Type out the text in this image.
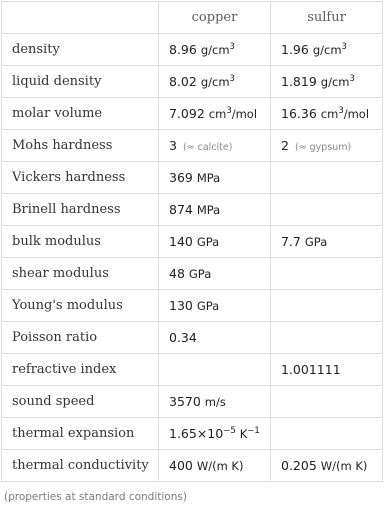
	copper	sulfur
density	8.96 $g/cm^3$	1.96 $g/cm^3$
liquid density	8.02 $g/cm^3$	1.819 $g/cm^3$
molar volume	7.092 $cm^3$/mol	16.36 $cm^3$/mol
Mohs hardness	3 (≈ calcite)	2 (≈ gypsum)
Vickers hardness	369 MPa	
Brinell hardness	874 MPa	
bulk modulus	140 GPa	7.7 GPa
shear modulus	48 GPa	
Young's modulus	130 GPa	
Poisson ratio	0.34	
refractive index		1.001111
sound speed	3570 m/s	
thermal expansion	$1.65\times 10^{-5}$ $K^{-1}$	
thermal conductivity	400 W/(m K)	0.205 W/(m K)
(properties at standard conditions)
